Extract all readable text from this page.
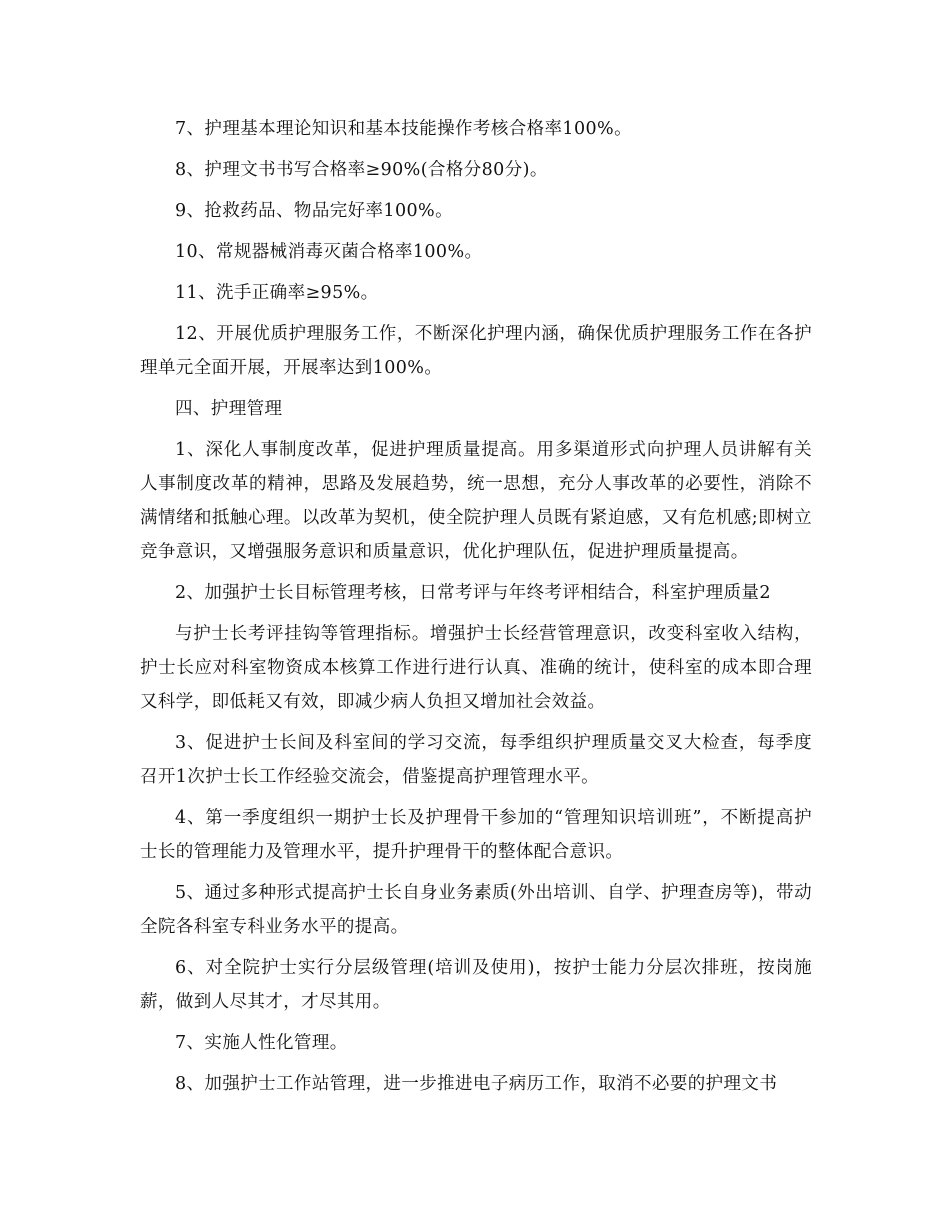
7、护理基本理论知识和基本技能操作考核合格率100%。

8、护理文书书写合格率≥90%(合格分80分)。

9、抢救药品、物品完好率100%。

10、常规器械消毒灭菌合格率100%。

11、洗手正确率≥95%。

12、开展优质护理服务工作，不断深化护理内涵，确保优质护理服务工作在各护理单元全面开展，开展率达到100%。

四、护理管理

1、深化人事制度改革，促进护理质量提高。用多渠道形式向护理人员讲解有关人事制度改革的精神，思路及发展趋势，统一思想，充分人事改革的必要性，消除不满情绪和抵触心理。以改革为契机，使全院护理人员既有紧迫感，又有危机感;即树立竞争意识，又增强服务意识和质量意识，优化护理队伍，促进护理质量提高。

2、加强护士长目标管理考核，日常考评与年终考评相结合，科室护理质量2

与护士长考评挂钩等管理指标。增强护士长经营管理意识，改变科室收入结构，护士长应对科室物资成本核算工作进行进行认真、准确的统计，使科室的成本即合理又科学，即低耗又有效，即减少病人负担又增加社会效益。

3、促进护士长间及科室间的学习交流，每季组织护理质量交叉大检查，每季度召开1次护士长工作经验交流会，借鉴提高护理管理水平。

4、第一季度组织一期护士长及护理骨干参加的“管理知识培训班”，不断提高护士长的管理能力及管理水平，提升护理骨干的整体配合意识。

5、通过多种形式提高护士长自身业务素质(外出培训、自学、护理查房等)，带动全院各科室专科业务水平的提高。

6、对全院护士实行分层级管理(培训及使用)，按护士能力分层次排班，按岗施薪，做到人尽其才，才尽其用。

7、实施人性化管理。

8、加强护士工作站管理，进一步推进电子病历工作，取消不必要的护理文书
